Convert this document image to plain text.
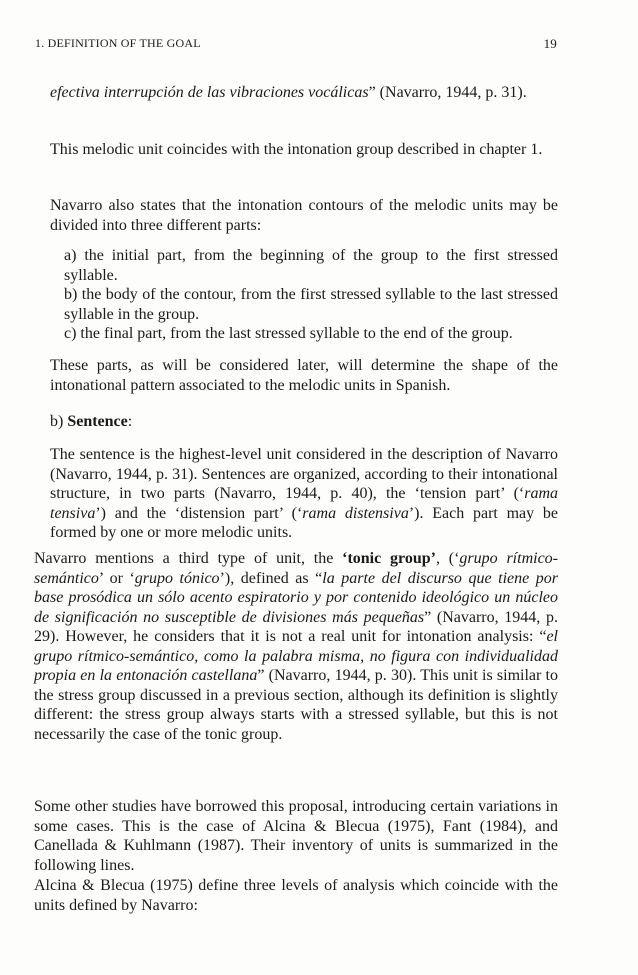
1. DEFINITION OF THE GOAL	19

efectiva interrupción de las vibraciones vocálicas” (Navarro, 1944, p. 31).

This melodic unit coincides with the intonation group described in chapter 1.

Navarro also states that the intonation contours of the melodic units may be divided into three different parts:

a) the initial part, from the beginning of the group to the first stressed syllable.

b) the body of the contour, from the first stressed syllable to the last stressed syllable in the group.

c) the final part, from the last stressed syllable to the end of the group.

These parts, as will be considered later, will determine the shape of the intonational pattern associated to the melodic units in Spanish.

b) Sentence:

The sentence is the highest-level unit considered in the description of Navarro (Navarro, 1944, p. 31). Sentences are organized, according to their intonational structure, in two parts (Navarro, 1944, p. 40), the ‘tension part’ (‘rama tensiva’) and the ‘distension part’ (‘rama distensiva’). Each part may be formed by one or more melodic units.

Navarro mentions a third type of unit, the ‘tonic group’, (‘grupo rítmico-semántico’ or ‘grupo tónico’), defined as “la parte del discurso que tiene por base prosódica un sólo acento espiratorio y por contenido ideológico un núcleo de significación no susceptible de divisiones más pequeñas” (Navarro, 1944, p. 29). However, he considers that it is not a real unit for intonation analysis: “el grupo rítmico-semántico, como la palabra misma, no figura con individualidad propia en la entonación castellana” (Navarro, 1944, p. 30). This unit is similar to the stress group discussed in a previous section, although its definition is slightly different: the stress group always starts with a stressed syllable, but this is not necessarily the case of the tonic group.

Some other studies have borrowed this proposal, introducing certain variations in some cases. This is the case of Alcina & Blecua (1975), Fant (1984), and Canellada & Kuhlmann (1987). Their inventory of units is summarized in the following lines.

Alcina & Blecua (1975) define three levels of analysis which coincide with the units defined by Navarro:
